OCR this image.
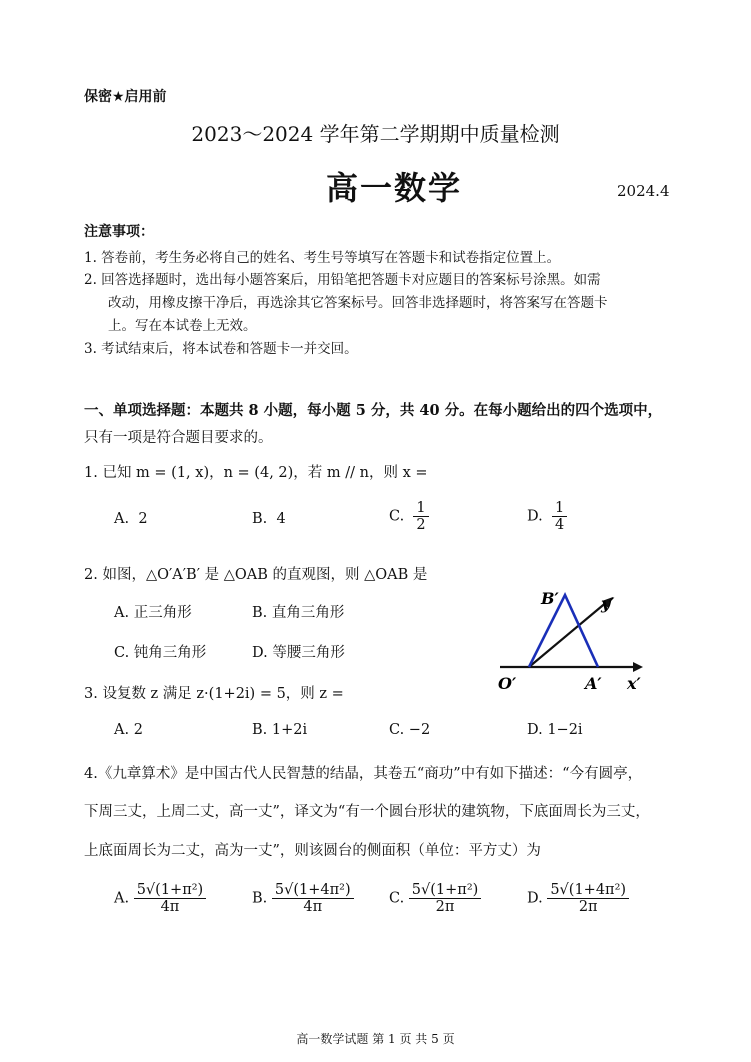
保密★启用前
2023～2024 学年第二学期期中质量检测
高一数学	2024.4
注意事项：
1. 答卷前，考生务必将自己的姓名、考生号等填写在答题卡和试卷指定位置上。
2. 回答选择题时，选出每小题答案后，用铅笔把答题卡对应题目的答案标号涂黑。如需
改动，用橡皮擦干净后，再选涂其它答案标号。回答非选择题时，将答案写在答题卡
上。写在本试卷上无效。
3. 考试结束后，将本试卷和答题卡一并交回。
一、单项选择题：本题共 8 小题，每小题 5 分，共 40 分。在每小题给出的四个选项中，
只有一项是符合题目要求的。
1. 已知 m = (1, x)，n = (4, 2)，若 m // n，则 x =
A. 2	B. 4	C. $\frac{1}{2}$	D. $\frac{1}{4}$
2. 如图，△O′A′B′ 是 △OAB 的直观图，则 △OAB 是
A. 正三角形	B. 直角三角形
C. 钝角三角形	D. 等腰三角形
B′	y′
O′	A′ x′
3. 设复数 z 满足 z·(1+2i) = 5，则 z =
A. 2	B. 1+2i	C. −2	D. 1−2i
4.《九章算术》是中国古代人民智慧的结晶，其卷五“商功”中有如下描述：“今有圆亭，
下周三丈，上周二丈，高一丈”，译文为“有一个圆台形状的建筑物，下底面周长为三丈，
上底面周长为二丈，高为一丈”，则该圆台的侧面积（单位：平方丈）为
A. $\frac{\text{5√(1+π²)}}{4\pi}$	B. $\frac{\text{5√(1+4π²)}}{4\pi} C$. $\frac{\text{5√(1+π²)}}{2\pi}$	D. $\frac{\text{5√(1+4π²)}}{2\pi}$
高一数学试题 第 1 页 共 5 页
